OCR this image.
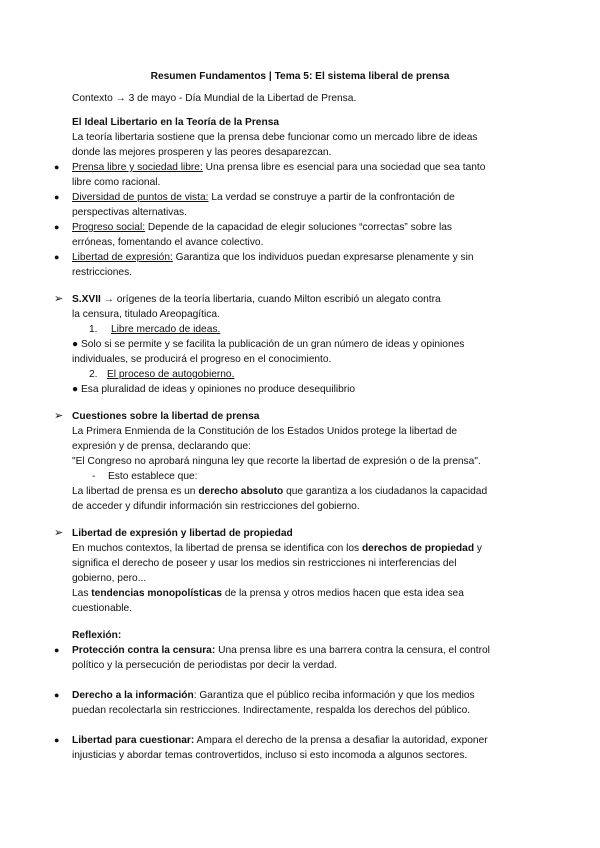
Resumen Fundamentos | Tema 5: El sistema liberal de prensa
Contexto → 3 de mayo - Día Mundial de la Libertad de Prensa.
El Ideal Libertario en la Teoría de la Prensa
La teoría libertaria sostiene que la prensa debe funcionar como un mercado libre de ideas
donde las mejores prosperen y las peores desaparezcan.
● Prensa libre y sociedad libre: Una prensa libre es esencial para una sociedad que sea tanto
libre como racional.
● Diversidad de puntos de vista: La verdad se construye a partir de la confrontación de
perspectivas alternativas.
● Progreso social: Depende de la capacidad de elegir soluciones “correctas” sobre las
erróneas, fomentando el avance colectivo.
● Libertad de expresión: Garantiza que los individuos puedan expresarse plenamente y sin
restricciones.
➢ S.XVII → orígenes de la teoría libertaria, cuando Milton escribió un alegato contra
la censura, titulado Areopagítica.
1. Libre mercado de ideas.
● Solo si se permite y se facilita la publicación de un gran número de ideas y opiniones
individuales, se producirá el progreso en el conocimiento.
2. El proceso de autogobierno.
● Esa pluralidad de ideas y opiniones no produce desequilibrio
➢ Cuestiones sobre la libertad de prensa
La Primera Enmienda de la Constitución de los Estados Unidos protege la libertad de
expresión y de prensa, declarando que:
"El Congreso no aprobará ninguna ley que recorte la libertad de expresión o de la prensa".
- Esto establece que:
La libertad de prensa es un derecho absoluto que garantiza a los ciudadanos la capacidad
de acceder y difundir información sin restricciones del gobierno.
➢ Libertad de expresión y libertad de propiedad
En muchos contextos, la libertad de prensa se identifica con los derechos de propiedad y
significa el derecho de poseer y usar los medios sin restricciones ni interferencias del
gobierno, pero...
Las tendencias monopolísticas de la prensa y otros medios hacen que esta idea sea
cuestionable.
Reflexión:
● Protección contra la censura: Una prensa libre es una barrera contra la censura, el control
político y la persecución de periodistas por decir la verdad.
● Derecho a la información: Garantiza que el público reciba información y que los medios
puedan recolectarla sin restricciones. Indirectamente, respalda los derechos del público.
● Libertad para cuestionar: Ampara el derecho de la prensa a desafiar la autoridad, exponer
injusticias y abordar temas controvertidos, incluso si esto incomoda a algunos sectores.
